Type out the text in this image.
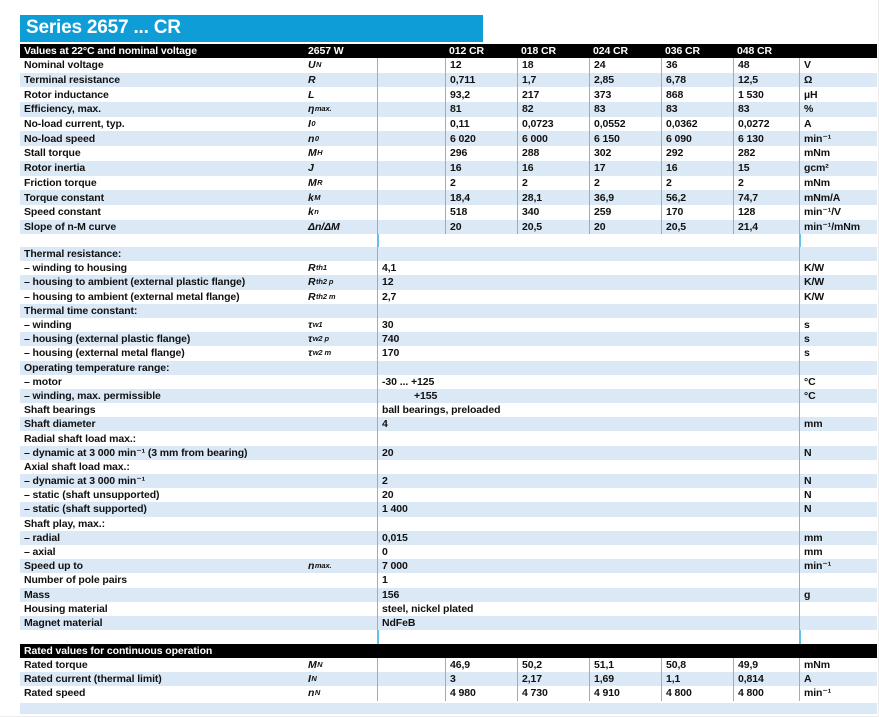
Series 2657 ... CR
Values at 22°C and nominal voltage	2657 W	012 CR	018 CR	024 CR	036 CR	048 CR
Nominal voltage	U N	12	18	24	36	48	V
Terminal resistance	R	0,711	1,7	2,85	6,78	12,5	Ω
Rotor inductance	L	93,2	217	373	868	1 530	µH
Efficiency, max.	η max.	81	82	83	83	83	%
No-load current, typ.	I 0	0,11	0,0723	0,0552	0,0362	0,0272	A
No-load speed	n 0	6 020	6 000	6 150	6 090	6 130	min⁻¹
Stall torque	M H	296	288	302	292	282	mNm
Rotor inertia	J	16	16	17	16	15	gcm²
Friction torque	M R	2	2	2	2	2	mNm
Torque constant	k M	18,4	28,1	36,9	56,2	74,7	mNm/A
Speed constant	k n	518	340	259	170	128	min⁻¹/V
Slope of n-M curve	Δn/ΔM	20	20,5	20	20,5	21,4	min⁻¹/mNm
Thermal resistance:
– winding to housing	R th1	4,1	K/W
– housing to ambient (external plastic flange)	R th2 p	12	K/W
– housing to ambient (external metal flange)	R th2 m	2,7	K/W
Thermal time constant:
– winding	τ w1	30	s
– housing (external plastic flange)	τ w2 p	740	s
– housing (external metal flange)	τ w2 m	170	s
Operating temperature range:
– motor	-30 ... +125	°C
– winding, max. permissible	+155	°C
Shaft bearings	ball bearings, preloaded
Shaft diameter	4	mm
Radial shaft load max.:
– dynamic at 3 000 min⁻¹ (3 mm from bearing)	20	N
Axial shaft load max.:
– dynamic at 3 000 min⁻¹	2	N
– static (shaft unsupported)	20	N
– static (shaft supported)	1 400	N
Shaft play, max.:
– radial	0,015	mm
– axial	0	mm
Speed up to	n max.	7 000	min⁻¹
Number of pole pairs	1
Mass	156	g
Housing material	steel, nickel plated
Magnet material	NdFeB
Rated values for continuous operation
Rated torque	M N	46,9	50,2	51,1	50,8	49,9	mNm
Rated current (thermal limit)	I N	3	2,17	1,69	1,1	0,814	A
Rated speed	n N	4 980	4 730	4 910	4 800	4 800	min⁻¹
